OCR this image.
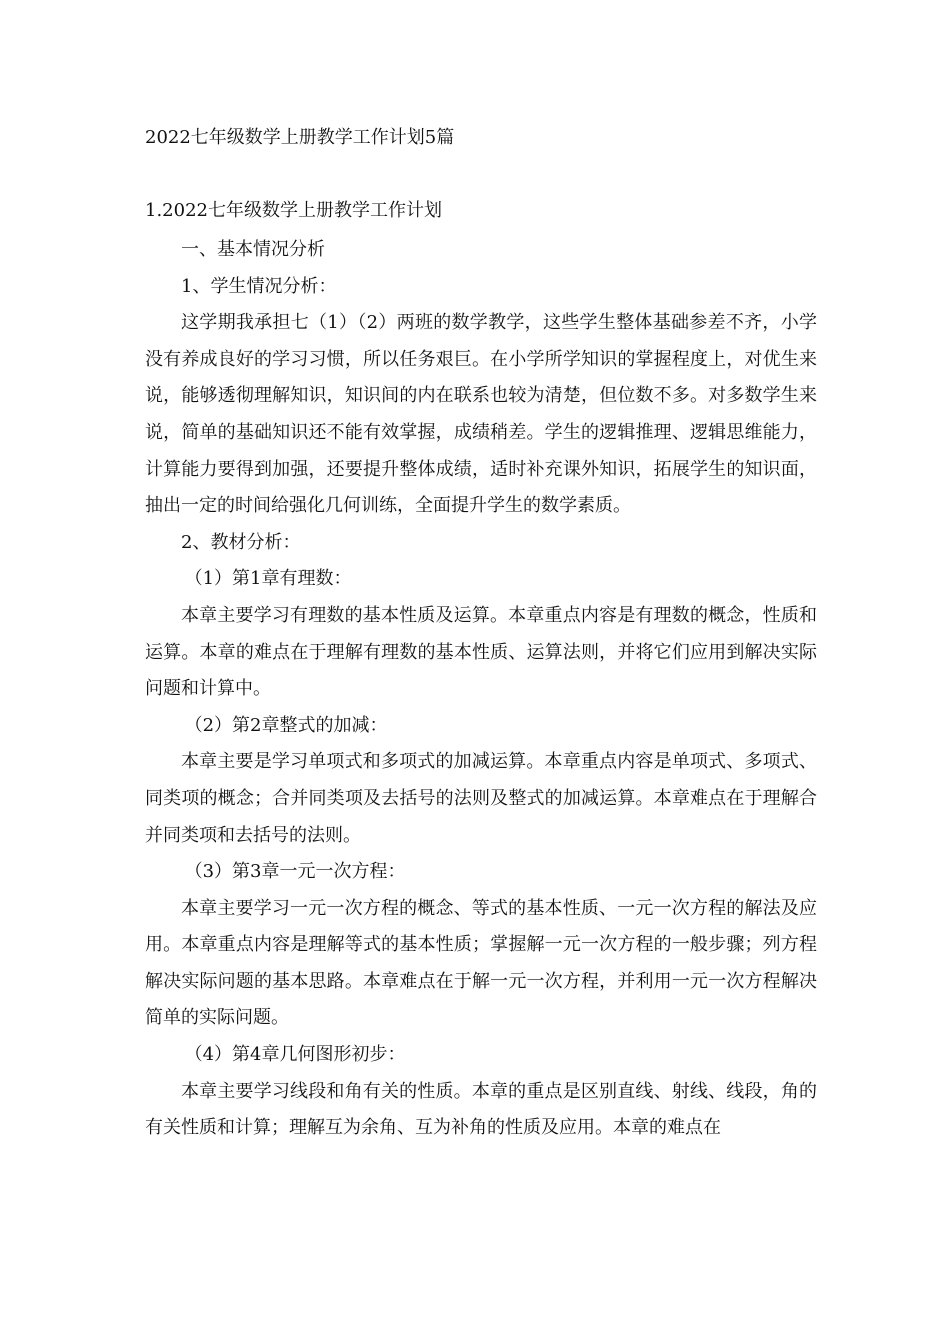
2022七年级数学上册教学工作计划5篇
1.2022七年级数学上册教学工作计划

一、基本情况分析

1、学生情况分析：

这学期我承担七（1）（2）两班的数学教学，这些学生整体基础参差不齐，小学没有养成良好的学习习惯，所以任务艰巨。在小学所学知识的掌握程度上，对优生来说，能够透彻理解知识，知识间的内在联系也较为清楚，但位数不多。对多数学生来说，简单的基础知识还不能有效掌握，成绩稍差。学生的逻辑推理、逻辑思维能力，计算能力要得到加强，还要提升整体成绩，适时补充课外知识，拓展学生的知识面，抽出一定的时间给强化几何训练，全面提升学生的数学素质。

2、教材分析：

（1）第1章有理数：

本章主要学习有理数的基本性质及运算。本章重点内容是有理数的概念，性质和运算。本章的难点在于理解有理数的基本性质、运算法则，并将它们应用到解决实际问题和计算中。

（2）第2章整式的加减：

本章主要是学习单项式和多项式的加减运算。本章重点内容是单项式、多项式、同类项的概念；合并同类项及去括号的法则及整式的加减运算。本章难点在于理解合并同类项和去括号的法则。

（3）第3章一元一次方程：

本章主要学习一元一次方程的概念、等式的基本性质、一元一次方程的解法及应用。本章重点内容是理解等式的基本性质；掌握解一元一次方程的一般步骤；列方程解决实际问题的基本思路。本章难点在于解一元一次方程，并利用一元一次方程解决简单的实际问题。

（4）第4章几何图形初步：

本章主要学习线段和角有关的性质。本章的重点是区别直线、射线、线段，角的有关性质和计算；理解互为余角、互为补角的性质及应用。本章的难点在
